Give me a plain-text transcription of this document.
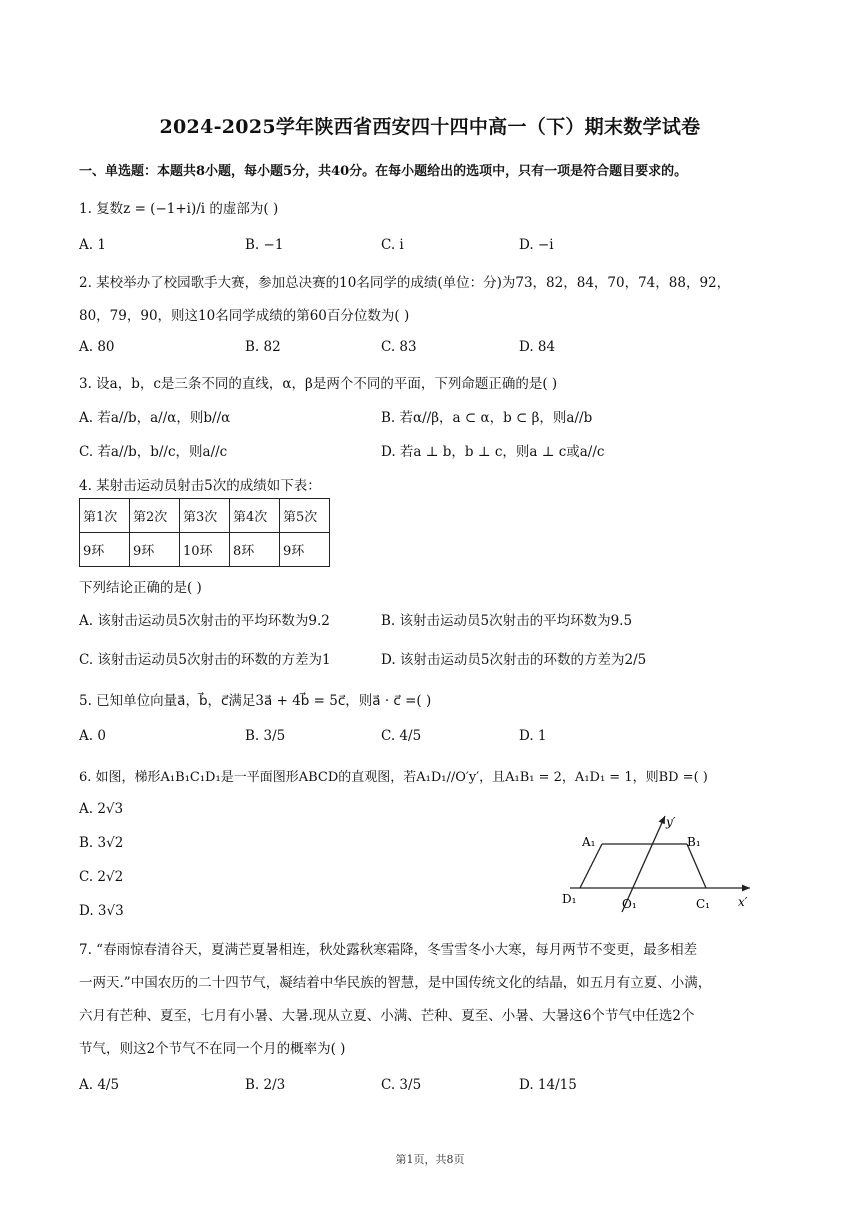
2024-2025学年陕西省西安四十四中高一（下）期末数学试卷
一、单选题：本题共8小题，每小题5分，共40分。在每小题给出的选项中，只有一项是符合题目要求的。
1. 复数z = (−1+i)/i 的虚部为( )
A. 1	B. −1	C. i	D. −i
2. 某校举办了校园歌手大赛，参加总决赛的10名同学的成绩(单位：分)为73，82，84，70，74，88，92，
80，79，90，则这10名同学成绩的第60百分位数为( )
A. 80	B. 82	C. 83	D. 84
3. 设a，b，c是三条不同的直线，α，β是两个不同的平面，下列命题正确的是( )
A. 若a//b，a//α，则b//α	B. 若α//β，a ⊂ α，b ⊂ β，则a//b
C. 若a//b，b//c，则a//c	D. 若a ⊥ b，b ⊥ c，则a ⊥ c或a//c
4. 某射击运动员射击5次的成绩如下表：
第1次	第2次	第3次	第4次	第5次
9环	9环	10环	8环	9环
下列结论正确的是( )
A. 该射击运动员5次射击的平均环数为9.2	B. 该射击运动员5次射击的平均环数为9.5
C. 该射击运动员5次射击的环数的方差为1	D. 该射击运动员5次射击的环数的方差为2/5
5. 已知单位向量a⃗，b⃗，c⃗满足3a⃗ + 4b⃗ = 5c⃗，则a⃗ · c⃗ =( )
A. 0	B. 3/5	C. 4/5	D. 1
6. 如图，梯形A₁B₁C₁D₁是一平面图形ABCD的直观图，若A₁D₁//O′y′，且A₁B₁ = 2，A₁D₁ = 1，则BD =( )
A. 2√3
B. 3√2
C. 2√2
D. 3√3
A₁	B₁
D₁	O₁	C₁ x′
y′
7. “春雨惊春清谷天，夏满芒夏暑相连，秋处露秋寒霜降，冬雪雪冬小大寒，每月两节不变更，最多相差
一两天.”中国农历的二十四节气，凝结着中华民族的智慧，是中国传统文化的结晶，如五月有立夏、小满，
六月有芒种、夏至，七月有小暑、大暑.现从立夏、小满、芒种、夏至、小暑、大暑这6个节气中任选2个
节气，则这2个节气不在同一个月的概率为( )
A. 4/5	B. 2/3	C. 3/5	D. 14/15
第1页，共8页
